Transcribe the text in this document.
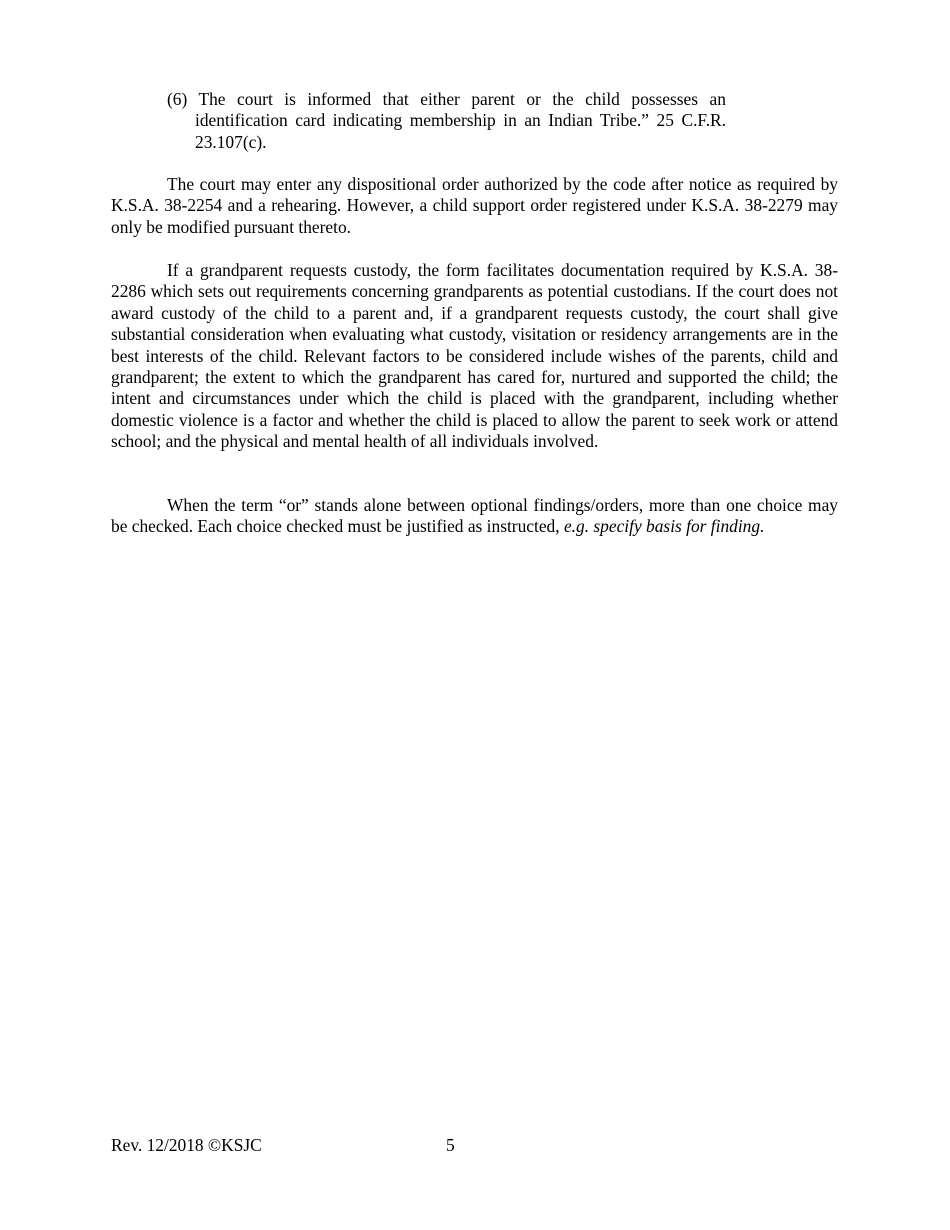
(6) The court is informed that either parent or the child possesses an identification card indicating membership in an Indian Tribe.” 25 C.F.R. 23.107(c).

The court may enter any dispositional order authorized by the code after notice as required by K.S.A. 38-2254 and a rehearing. However, a child support order registered under K.S.A. 38-2279 may only be modified pursuant thereto.

If a grandparent requests custody, the form facilitates documentation required by K.S.A. 38-2286 which sets out requirements concerning grandparents as potential custodians. If the court does not award custody of the child to a parent and, if a grandparent requests custody, the court shall give substantial consideration when evaluating what custody, visitation or residency arrangements are in the best interests of the child. Relevant factors to be considered include wishes of the parents, child and grandparent; the extent to which the grandparent has cared for, nurtured and supported the child; the intent and circumstances under which the child is placed with the grandparent, including whether domestic violence is a factor and whether the child is placed to allow the parent to seek work or attend school; and the physical and mental health of all individuals involved.

When the term “or” stands alone between optional findings/orders, more than one choice may be checked. Each choice checked must be justified as instructed, e.g. specify basis for finding.

Rev. 12/2018 ©KSJC	5
